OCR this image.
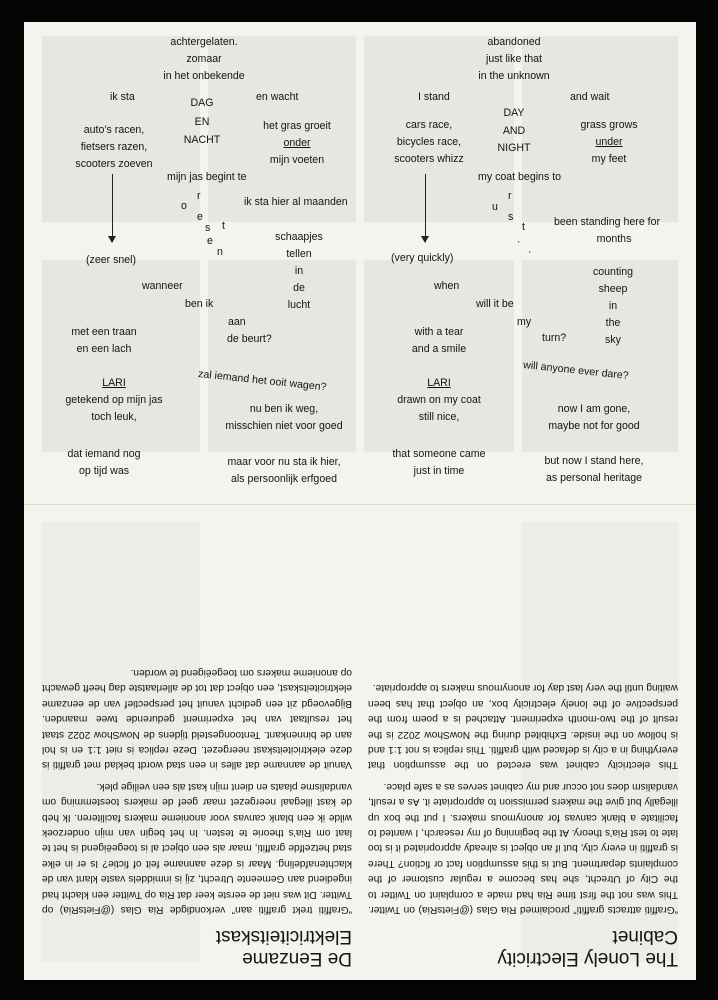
achtergelaten.
zomaar
in het onbekende
ik sta	en wacht
DAG
EN
NACHT
auto’s racen,
fietsers razen,
scooters zoeven
het gras groeit
onder
mijn voeten
mijn jas begint te
r
o
e
s t
e
n
ik sta hier al maanden
(zeer snel)
schaapjes
tellen
in
de
lucht
wanneer
ben ik
aan
de beurt?
met een traan
en een lach
zal iemand het ooit wagen?
LARI
getekend op mijn jas
toch leuk,
nu ben ik weg,
misschien niet voor goed
dat iemand nog
op tijd was
maar voor nu sta ik hier,
als persoonlijk erfgoed
abandoned
just like that
in the unknown
I stand	and wait
DAY
AND
NIGHT
cars race,
bicycles race,
scooters whizz
grass grows
under
my feet
my coat begins to
r
u
s
t
·
·
been standing here for
months
(very quickly)
counting
sheep
in
the
sky
when
will it be
my
turn?
with a tear
and a smile
will anyone ever dare?
LARI
drawn on my coat
still nice,
now I am gone,
maybe not for good
that someone came
just in time
but now I stand here,
as personal heritage
De Eenzame
Elektriciteitskast

“Graffiti trekt graffiti aan” verkondigde Ria Glas (@FietsRia) op Twitter. Dit was niet de eerste keer dat Ria op Twitter een klacht had ingediend aan Gemeente Utrecht, zij is inmiddels vaste klant van de klachtenafdeling. Maar is deze aanname feit of fictie? Is er in elke stad hetzelfde graffiti, maar als een object al is toegeëigend is het te laat om Ria’s theorie te testen. In het begin van mijn onderzoek wilde ik een blank canvas voor anonieme makers faciliteren. Ik heb de kast illegaal neergezet maar geef de makers toestemming om vandalisme plaats en dient mijn kast als een veilige plek.

Vanuit de aanname dat alles in een stad wordt beklad met graffiti is deze elektriciteitskast neergezet. Deze replica is niet 1:1 en is hol aan de binnenkant. Tentoongesteld tijdens de NowShow 2022 staat het resultaat van het experiment gedurende twee maanden. Bijgevoegd zit een gedicht vanuit het perspectief van de eenzame elektriciteitskast, een object dat tot de allerlaatste dag heeft gewacht op anonieme makers om toegeëigend te worden.

The Lonely Electricity
Cabinet

“Graffiti attracts graffiti” proclaimed Ria Glas (@FietsRia) on Twitter. This was not the first time Ria had made a complaint on Twitter to the City of Utrecht, she has become a regular customer of the complaints department. But is this assumption fact or fiction? There is graffiti in every city, but if an object is already appropriated it is too late to test Ria’s theory. At the beginning of my research, I wanted to facilitate a blank canvas for anonymous makers. I put the box up illegally but give the makers permission to appropriate it. As a result, vandalism does not occur and my cabinet serves as a safe place.

This electricity cabinet was erected on the assumption that everything in a city is defaced with graffiti. This replica is not 1:1 and is hollow on the inside. Exhibited during the NowShow 2022 is the result of the two-month experiment. Attached is a poem from the perspective of the lonely electricity box, an object that has been waiting until the very last day for anonymous makers to appropriate.
